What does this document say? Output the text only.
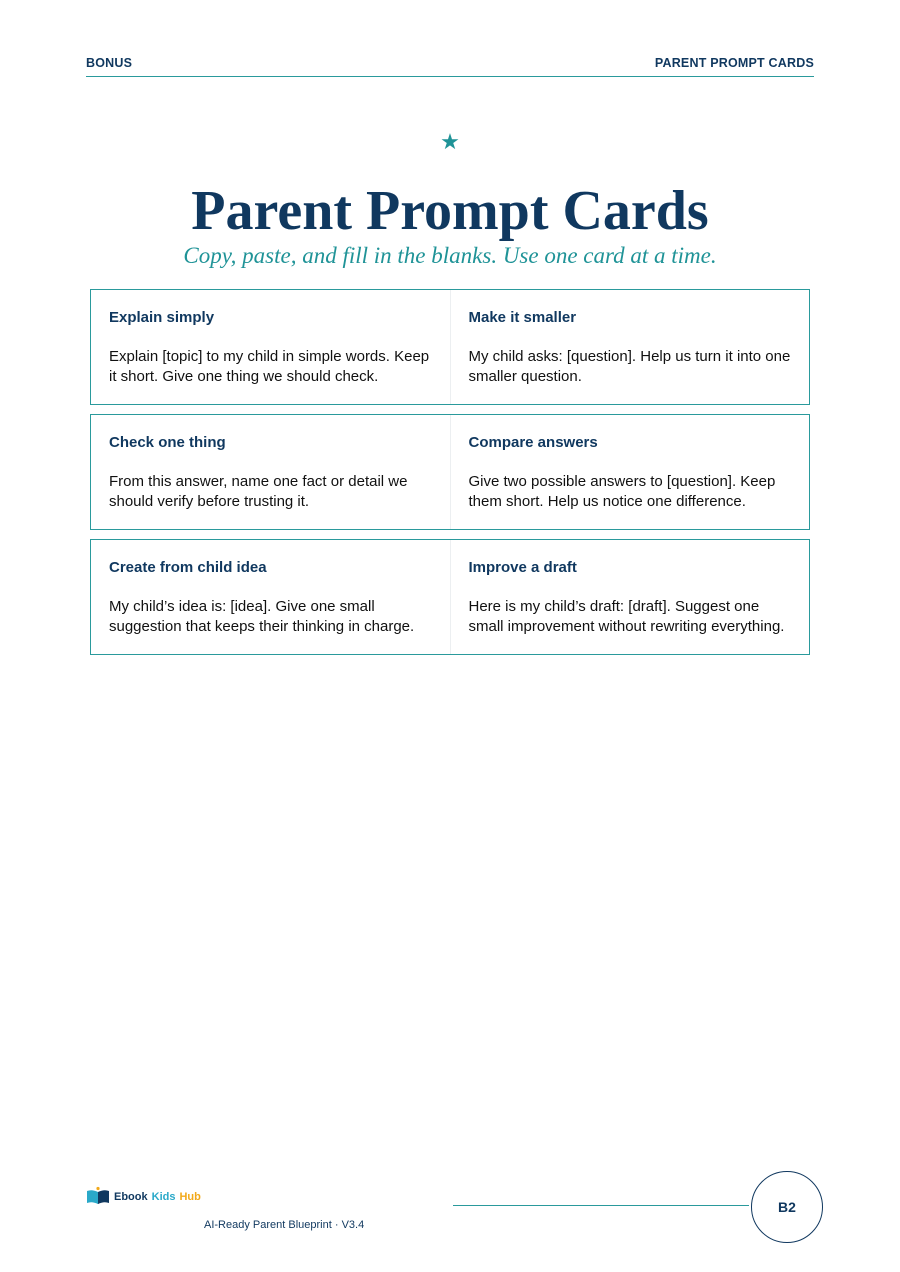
BONUS	PARENT PROMPT CARDS
★
Parent Prompt Cards
Copy, paste, and fill in the blanks. Use one card at a time.
Explain simply
Explain [topic] to my child in simple words. Keep it short. Give one thing we should check.
Make it smaller
My child asks: [question]. Help us turn it into one smaller question.
Check one thing
From this answer, name one fact or detail we should verify before trusting it.
Compare answers
Give two possible answers to [question]. Keep them short. Help us notice one difference.
Create from child idea
My child’s idea is: [idea]. Give one small suggestion that keeps their thinking in charge.
Improve a draft
Here is my child’s draft: [draft]. Suggest one small improvement without rewriting everything.
Ebook Kids Hub
AI-Ready Parent Blueprint · V3.4
B2
